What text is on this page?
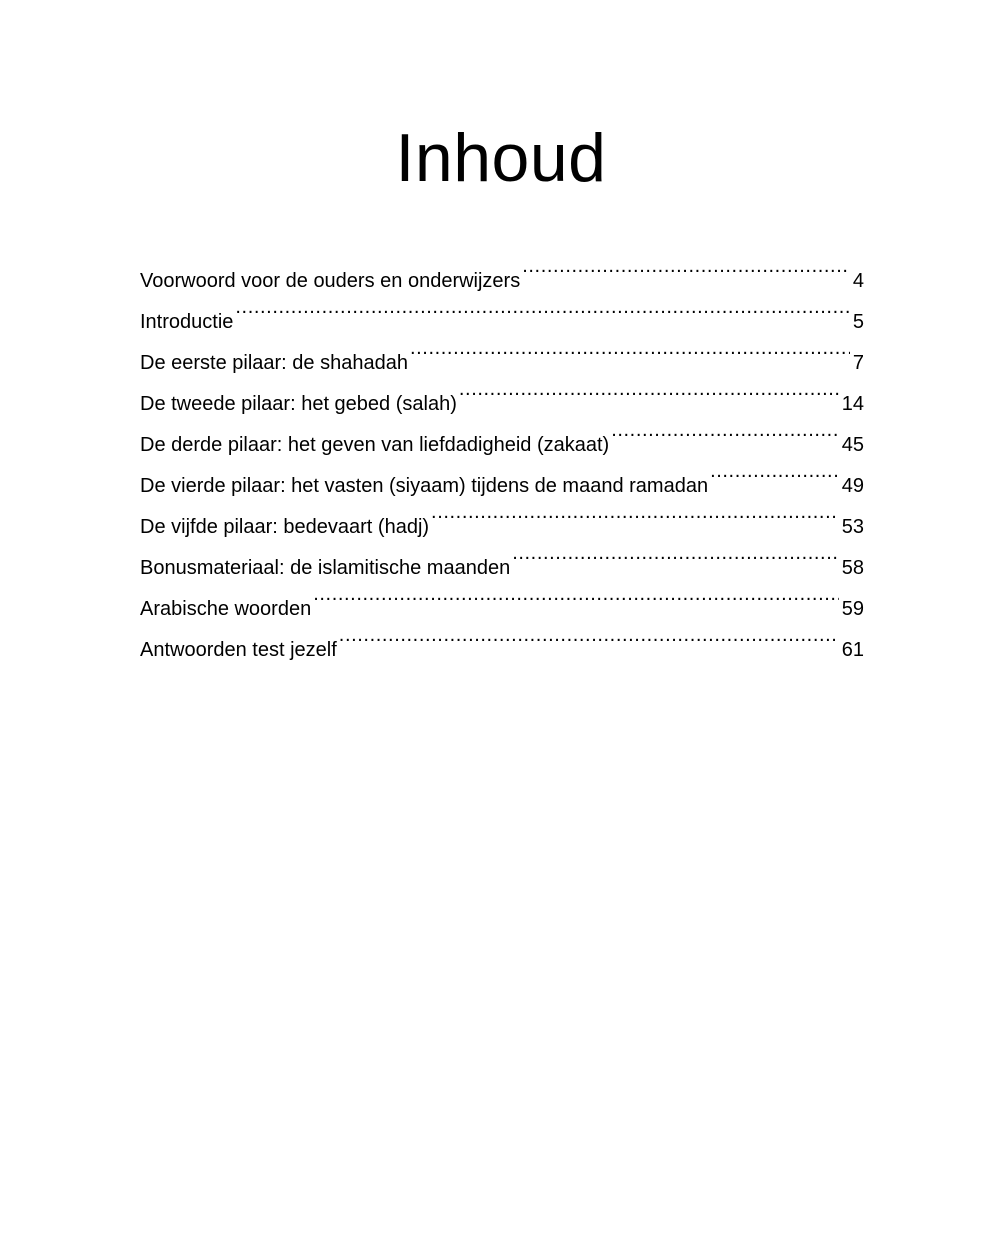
Inhoud
Voorwoord voor de ouders en onderwijzers .....	4
Introductie .....	5
De eerste pilaar: de shahadah .....	7
De tweede pilaar: het gebed (salah) .....	14
De derde pilaar: het geven van liefdadigheid (zakaat) .....	45
De vierde pilaar: het vasten (siyaam) tijdens de maand ramadan .....	49
De vijfde pilaar: bedevaart (hadj) .....	53
Bonusmateriaal: de islamitische maanden .....	58
Arabische woorden .....	59
Antwoorden test jezelf .....	61
